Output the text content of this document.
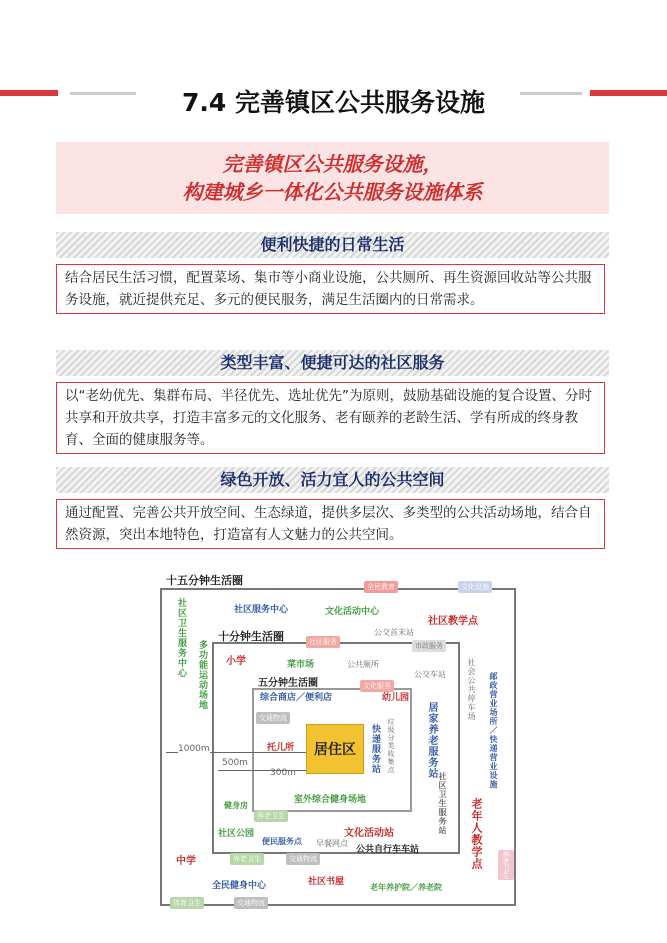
7.4 完善镇区公共服务设施
完善镇区公共服务设施，
构建城乡一体化公共服务设施体系
便利快捷的日常生活
结合居民生活习惯，配置菜场、集市等小商业设施，公共厕所、再生资源回收站等公共服务设施，就近提供充足、多元的便民服务，满足生活圈内的日常需求。
类型丰富、便捷可达的社区服务
以“老幼优先、集群布局、半径优先、选址优先”为原则，鼓励基础设施的复合设置、分时共享和开放共享，打造丰富多元的文化服务、老有颐养的老龄生活、学有所成的终身教育、全面的健康服务等。
绿色开放、活力宜人的公共空间
通过配置、完善公共开放空间、生态绿道，提供多层次、多类型的公共活动场地，结合自然资源，突出本地特色，打造富有人文魅力的公共空间。
十五分钟生活圈
十分钟生活圈
五分钟生活圈
居住区
1000m
500m
300m
社区卫生服务中心	社区服务中心	文化活动中心
社区教学点
多功能运动场地 小学	菜市场	公共厕所
公交首末站
公交车站	社会公共停车场 邮政营业场所／快递营业设施
综合商店／便利店	幼儿园
居家养老服务站
快递服务站 垃圾分类收集点
托儿所
室外综合健身场地	社区卫生服务站 老年人教学点
健身房
社区公园
便民服务点 早餐网点
文化活动站
公共自行车车站
中学
全民健身中心	社区书屋
老年养护院／养老院
全民教育	文化设施
社区服务
文化服务
交通物流
养老卫生
养老卫生	交通物流
体育卫生	交通物流
市政服务
养老卫生
